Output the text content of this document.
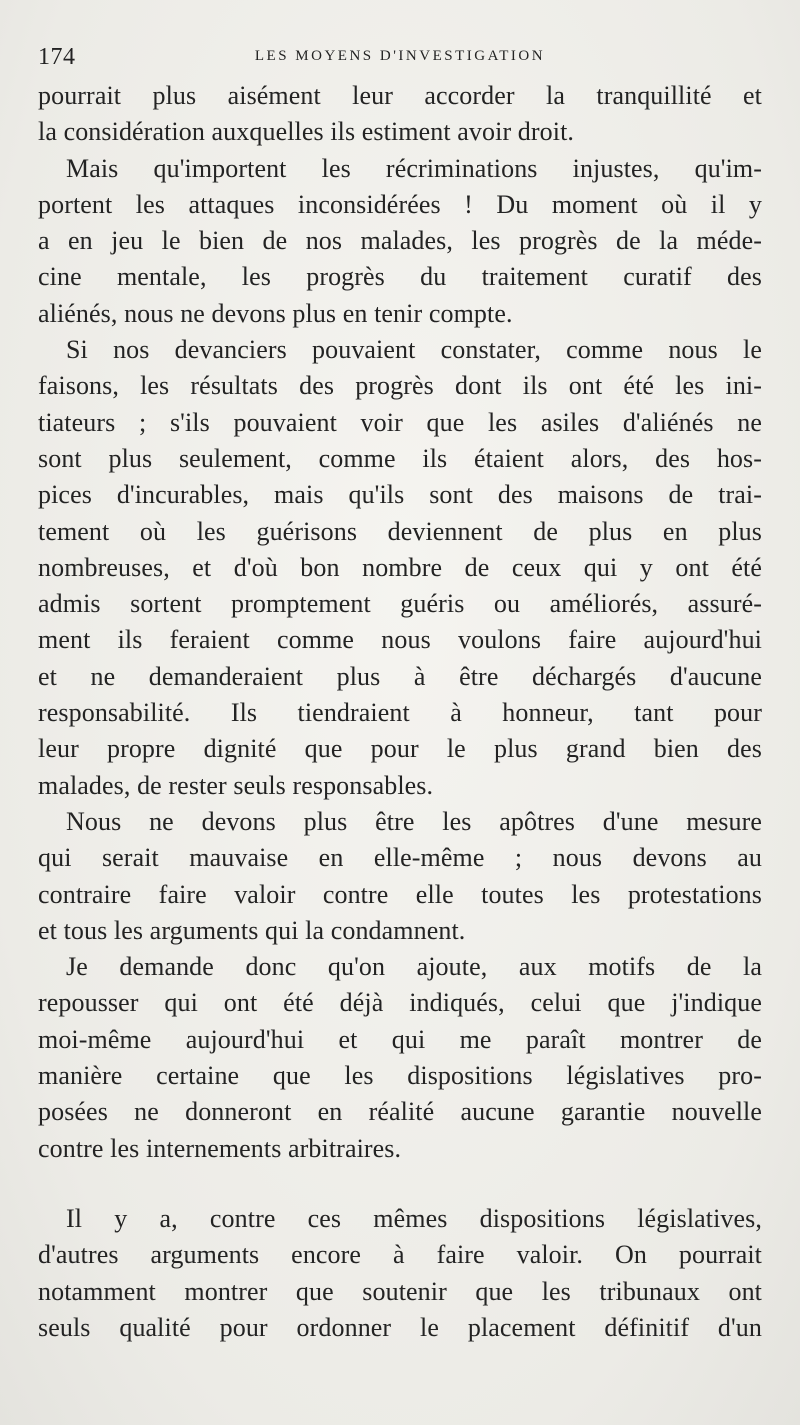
174	LES MOYENS D'INVESTIGATION
pourrait plus aisément leur accorder la tranquillité et
la considération auxquelles ils estiment avoir droit.
Mais qu'importent les récriminations injustes, qu'im-
portent les attaques inconsidérées ! Du moment où il y
a en jeu le bien de nos malades, les progrès de la méde-
cine mentale, les progrès du traitement curatif des
aliénés, nous ne devons plus en tenir compte.
Si nos devanciers pouvaient constater, comme nous le
faisons, les résultats des progrès dont ils ont été les ini-
tiateurs ; s'ils pouvaient voir que les asiles d'aliénés ne
sont plus seulement, comme ils étaient alors, des hos-
pices d'incurables, mais qu'ils sont des maisons de trai-
tement où les guérisons deviennent de plus en plus
nombreuses, et d'où bon nombre de ceux qui y ont été
admis sortent promptement guéris ou améliorés, assuré-
ment ils feraient comme nous voulons faire aujourd'hui
et ne demanderaient plus à être déchargés d'aucune
responsabilité. Ils tiendraient à honneur, tant pour
leur propre dignité que pour le plus grand bien des
malades, de rester seuls responsables.
Nous ne devons plus être les apôtres d'une mesure
qui serait mauvaise en elle-même ; nous devons au
contraire faire valoir contre elle toutes les protestations
et tous les arguments qui la condamnent.
Je demande donc qu'on ajoute, aux motifs de la
repousser qui ont été déjà indiqués, celui que j'indique
moi-même aujourd'hui et qui me paraît montrer de
manière certaine que les dispositions législatives pro-
posées ne donneront en réalité aucune garantie nouvelle
contre les internements arbitraires.
Il y a, contre ces mêmes dispositions législatives,
d'autres arguments encore à faire valoir. On pourrait
notamment montrer que soutenir que les tribunaux ont
seuls qualité pour ordonner le placement définitif d'un
